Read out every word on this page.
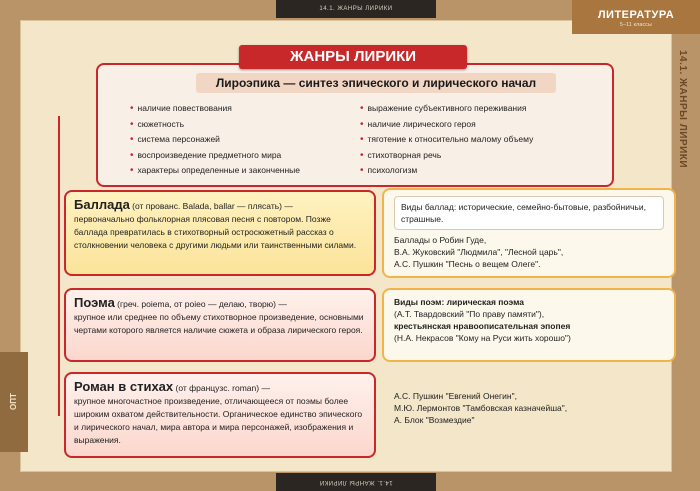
14.1. ЖАНРЫ ЛИРИКИ
14.1. ЖАНРЫ ЛИРИКИ
ЛИТЕРАТУРА
5–11 классы
14.1. ЖАНРЫ ЛИРИКИ
ОПТ
Лироэпика — синтез эпического и лирического начал
• наличие повествования
• сюжетность
• система персонажей
• воспроизведение предметного мира
• характеры определенные и законченные
• выражение субъективного переживания
• наличие лирического героя
• тяготение к относительно малому объему
• стихотворная речь
• психологизм
ЖАНРЫ ЛИРИКИ
Баллада (от прованс. Balada, ballar — плясать) —
первоначально фольклорная плясовая песня с повтором. Позже баллада превратилась в стихотворный остросюжетный рассказ о столкновении человека с другими людьми или таинственными силами.
Виды баллад: исторические, семейно-бытовые, разбойничьи, страшные.
Баллады о Робин Гуде,
В.А. Жуковский "Людмила", "Лесной царь",
А.С. Пушкин "Песнь о вещем Олеге".
Поэма (греч. poiema, от poieo — делаю, творю) —
крупное или среднее по объему стихотворное произведение, основными чертами которого является наличие сюжета и образа лирического героя.
Виды поэм: лирическая поэма
(А.Т. Твардовский "По праву памяти"),
крестьянская нравоописательная эпопея
(Н.А. Некрасов "Кому на Руси жить хорошо")
Роман в стихах (от французс. roman) —
крупное многочастное произведение, отличающееся от поэмы более широким охватом действительности. Органическое единство эпического и лирического начал, мира автора и мира персонажей, изображения и выражения.
А.С. Пушкин "Евгений Онегин",
М.Ю. Лермонтов "Тамбовская казначейша",
А. Блок "Возмездие"
